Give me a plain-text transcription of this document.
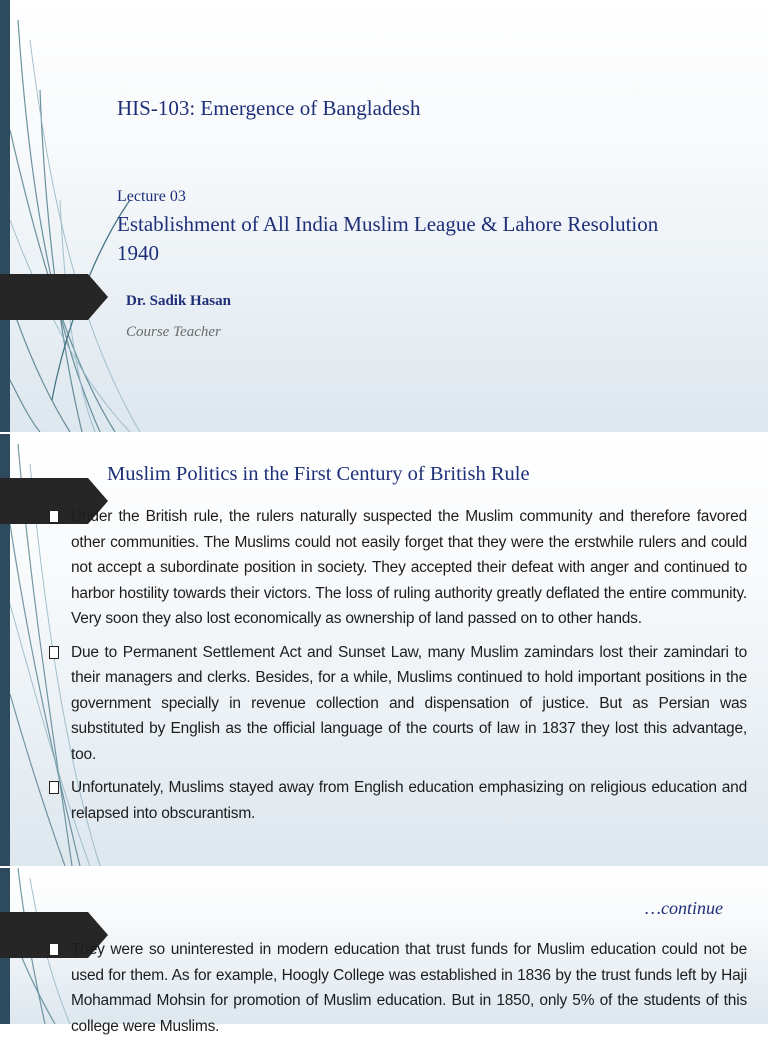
HIS-103: Emergence of Bangladesh
Lecture 03
Establishment of All India Muslim League & Lahore Resolution 1940
Dr. Sadik Hasan
Course Teacher
Muslim Politics in the First Century of British Rule
Under the British rule, the rulers naturally suspected the Muslim community and therefore favored other communities. The Muslims could not easily forget that they were the erstwhile rulers and could not accept a subordinate position in society. They accepted their defeat with anger and continued to harbor hostility towards their victors. The loss of ruling authority greatly deflated the entire community. Very soon they also lost economically as ownership of land passed on to other hands.
Due to Permanent Settlement Act and Sunset Law, many Muslim zamindars lost their zamindari to their managers and clerks. Besides, for a while, Muslims continued to hold important positions in the government specially in revenue collection and dispensation of justice. But as Persian was substituted by English as the official language of the courts of law in 1837 they lost this advantage, too.
Unfortunately, Muslims stayed away from English education emphasizing on religious education and relapsed into obscurantism.
…continue
They were so uninterested in modern education that trust funds for Muslim education could not be used for them. As for example, Hoogly College was established in 1836 by the trust funds left by Haji Mohammad Mohsin for promotion of Muslim education. But in 1850, only 5% of the students of this college were Muslims.
